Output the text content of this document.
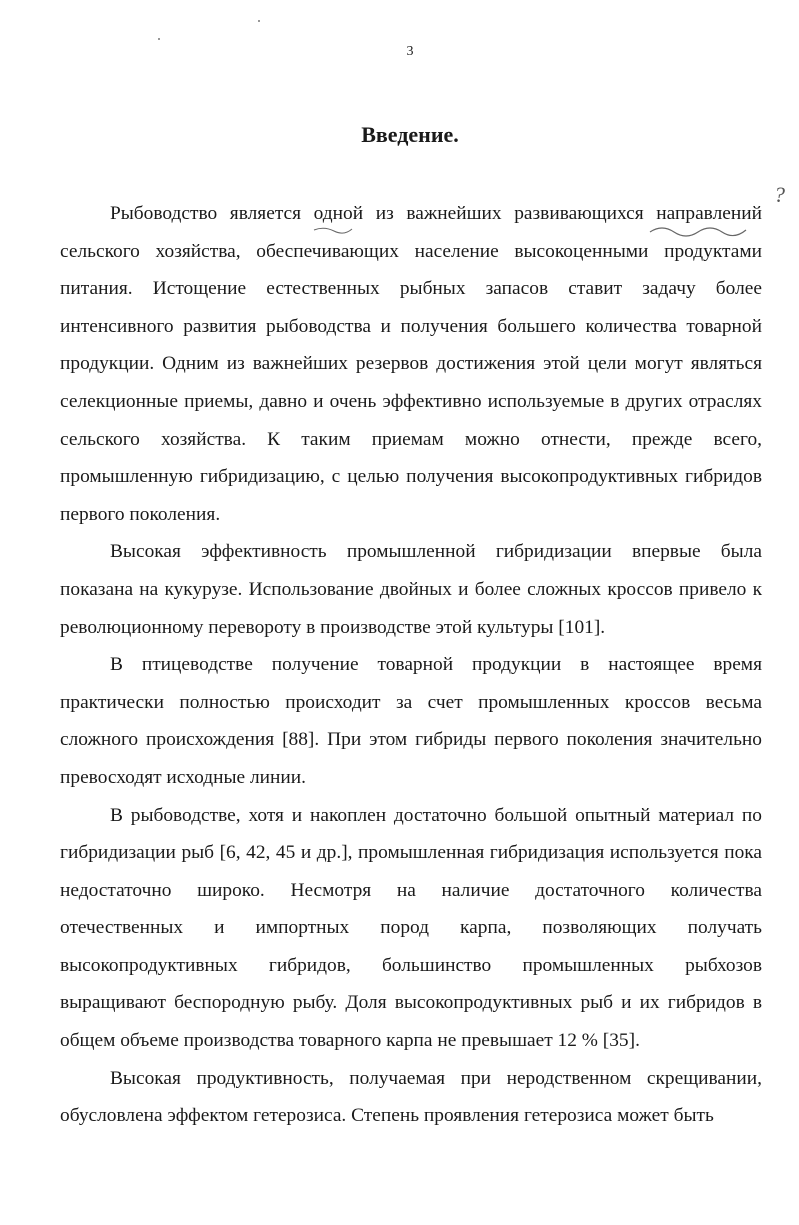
3
Введение.
?

Рыбоводство является одной из важнейших развивающихся направлений сельского хозяйства, обеспечивающих население высокоценными продуктами питания. Истощение естественных рыбных запасов ставит задачу более интенсивного развития рыбоводства и получения большего количества товарной продукции. Одним из важнейших резервов достижения этой цели могут являться селекционные приемы, давно и очень эффективно используемые в других отраслях сельского хозяйства. К таким приемам можно отнести, прежде всего, промышленную гибридизацию, с целью получения высокопродуктивных гибридов первого поколения.

Высокая эффективность промышленной гибридизации впервые была показана на кукурузе. Использование двойных и более сложных кроссов привело к революционному перевороту в производстве этой культуры [101].

В птицеводстве получение товарной продукции в настоящее время практически полностью происходит за счет промышленных кроссов весьма сложного происхождения [88]. При этом гибриды первого поколения значительно превосходят исходные линии.

В рыбоводстве, хотя и накоплен достаточно большой опытный материал по гибридизации рыб [6, 42, 45 и др.], промышленная гибридизация используется пока недостаточно широко. Несмотря на наличие достаточного количества отечественных и импортных пород карпа, позволяющих получать высокопродуктивных гибридов, большинство промышленных рыбхозов выращивают беспородную рыбу. Доля высокопродуктивных рыб и их гибридов в общем объеме производства товарного карпа не превышает 12 % [35].

Высокая продуктивность, получаемая при неродственном скрещивании, обусловлена эффектом гетерозиса. Степень проявления гетерозиса может быть
